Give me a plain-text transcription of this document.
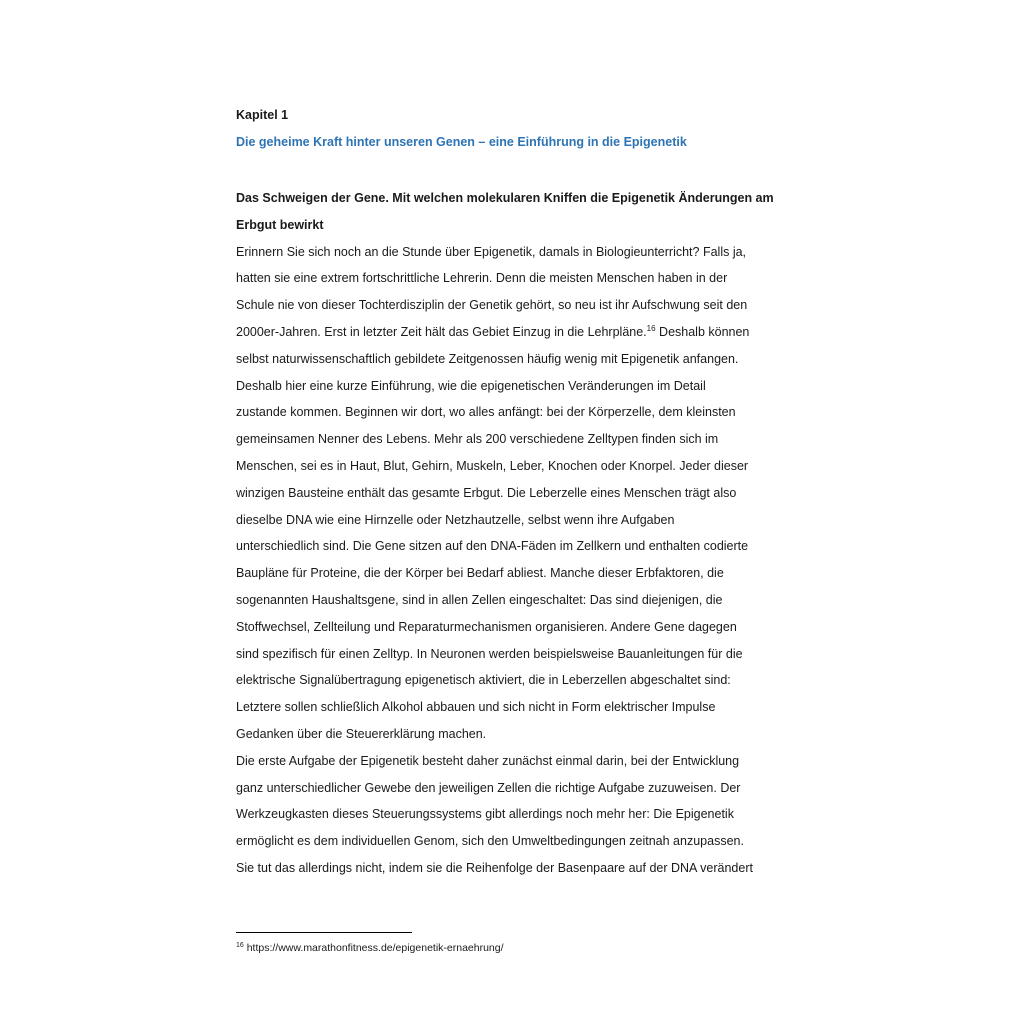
Kapitel 1
Die geheime Kraft hinter unseren Genen – eine Einführung in die Epigenetik
Das Schweigen der Gene. Mit welchen molekularen Kniffen die Epigenetik Änderungen am
Erbgut bewirkt
Erinnern Sie sich noch an die Stunde über Epigenetik, damals in Biologieunterricht? Falls ja,
hatten sie eine extrem fortschrittliche Lehrerin. Denn die meisten Menschen haben in der
Schule nie von dieser Tochterdisziplin der Genetik gehört, so neu ist ihr Aufschwung seit den
2000er-Jahren. Erst in letzter Zeit hält das Gebiet Einzug in die Lehrpläne.$^{16}$ Deshalb können
selbst naturwissenschaftlich gebildete Zeitgenossen häufig wenig mit Epigenetik anfangen.
Deshalb hier eine kurze Einführung, wie die epigenetischen Veränderungen im Detail
zustande kommen. Beginnen wir dort, wo alles anfängt: bei der Körperzelle, dem kleinsten
gemeinsamen Nenner des Lebens. Mehr als 200 verschiedene Zelltypen finden sich im
Menschen, sei es in Haut, Blut, Gehirn, Muskeln, Leber, Knochen oder Knorpel. Jeder dieser
winzigen Bausteine enthält das gesamte Erbgut. Die Leberzelle eines Menschen trägt also
dieselbe DNA wie eine Hirnzelle oder Netzhautzelle, selbst wenn ihre Aufgaben
unterschiedlich sind. Die Gene sitzen auf den DNA-Fäden im Zellkern und enthalten codierte
Baupläne für Proteine, die der Körper bei Bedarf abliest. Manche dieser Erbfaktoren, die
sogenannten Haushaltsgene, sind in allen Zellen eingeschaltet: Das sind diejenigen, die
Stoffwechsel, Zellteilung und Reparaturmechanismen organisieren. Andere Gene dagegen
sind spezifisch für einen Zelltyp. In Neuronen werden beispielsweise Bauanleitungen für die
elektrische Signalübertragung epigenetisch aktiviert, die in Leberzellen abgeschaltet sind:
Letztere sollen schließlich Alkohol abbauen und sich nicht in Form elektrischer Impulse
Gedanken über die Steuererklärung machen.
Die erste Aufgabe der Epigenetik besteht daher zunächst einmal darin, bei der Entwicklung
ganz unterschiedlicher Gewebe den jeweiligen Zellen die richtige Aufgabe zuzuweisen. Der
Werkzeugkasten dieses Steuerungssystems gibt allerdings noch mehr her: Die Epigenetik
ermöglicht es dem individuellen Genom, sich den Umweltbedingungen zeitnah anzupassen.
Sie tut das allerdings nicht, indem sie die Reihenfolge der Basenpaare auf der DNA verändert
$^{16}$ https://www.marathonfitness.de/epigenetik-ernaehrung/
